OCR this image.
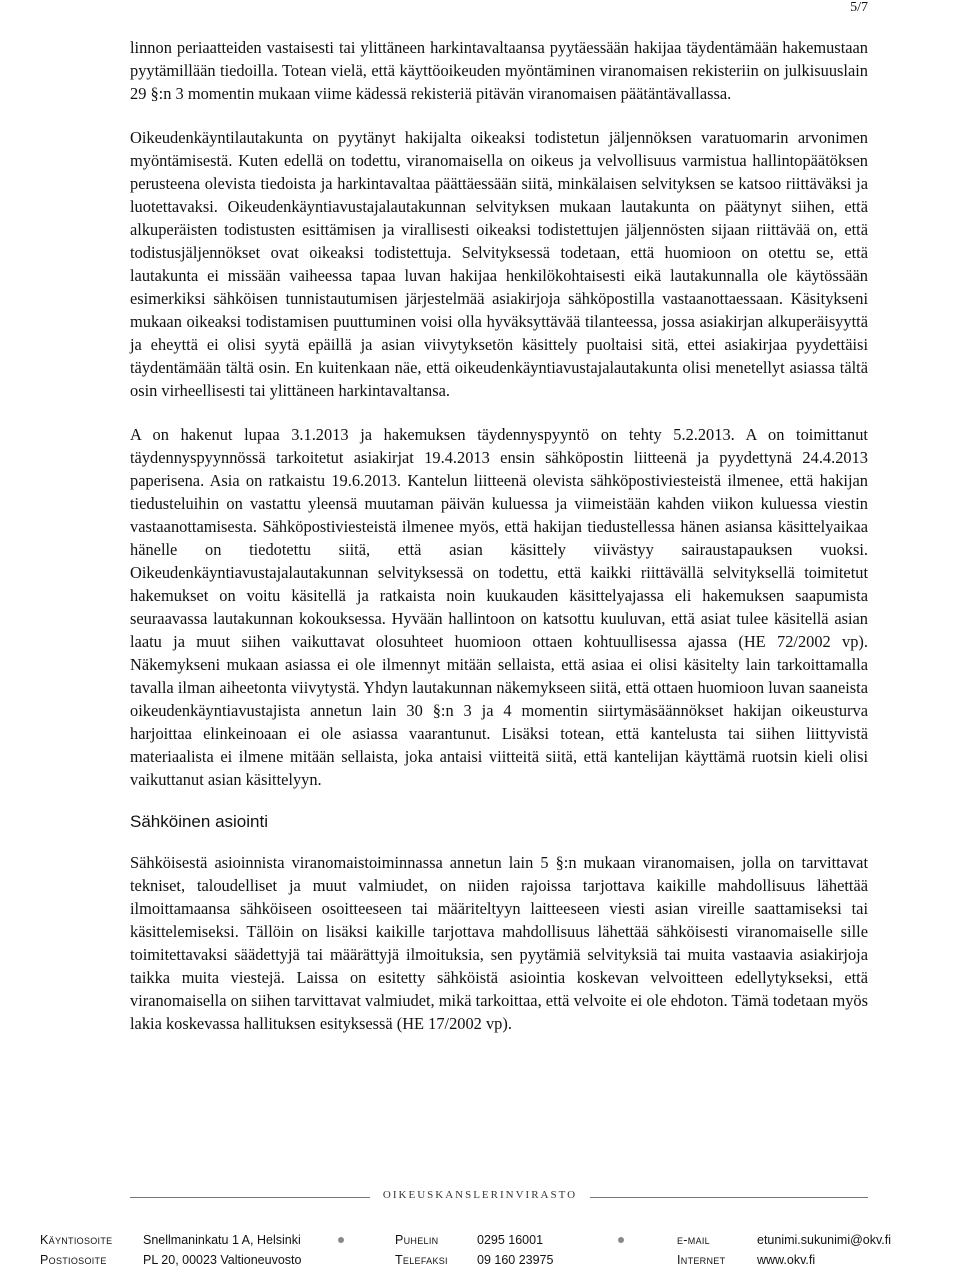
5/7

linnon periaatteiden vastaisesti tai ylittäneen harkintavaltaansa pyytäessään hakijaa täydentämään hakemustaan pyytämillään tiedoilla. Totean vielä, että käyttöoikeuden myöntäminen viranomaisen rekisteriin on julkisuuslain 29 §:n 3 momentin mukaan viime kädessä rekisteriä pitävän viranomaisen päätäntävallassa.

Oikeudenkäyntilautakunta on pyytänyt hakijalta oikeaksi todistetun jäljennöksen varatuomarin arvonimen myöntämisestä. Kuten edellä on todettu, viranomaisella on oikeus ja velvollisuus varmistua hallintopäätöksen perusteena olevista tiedoista ja harkintavaltaa päättäessään siitä, minkälaisen selvityksen se katsoo riittäväksi ja luotettavaksi. Oikeudenkäyntiavustajalautakunnan selvityksen mukaan lautakunta on päätynyt siihen, että alkuperäisten todistusten esittämisen ja virallisesti oikeaksi todistettujen jäljennösten sijaan riittävää on, että todistusjäljennökset ovat oikeaksi todistettuja. Selvityksessä todetaan, että huomioon on otettu se, että lautakunta ei missään vaiheessa tapaa luvan hakijaa henkilökohtaisesti eikä lautakunnalla ole käytössään esimerkiksi sähköisen tunnistautumisen järjestelmää asiakirjoja sähköpostilla vastaanottaessaan. Käsitykseni mukaan oikeaksi todistamisen puuttuminen voisi olla hyväksyttävää tilanteessa, jossa asiakirjan alkuperäisyyttä ja eheyttä ei olisi syytä epäillä ja asian viivytyksetön käsittely puoltaisi sitä, ettei asiakirjaa pyydettäisi täydentämään tältä osin. En kuitenkaan näe, että oikeudenkäyntiavustajalautakunta olisi menetellyt asiassa tältä osin virheellisesti tai ylittäneen harkintavaltansa.

A on hakenut lupaa 3.1.2013 ja hakemuksen täydennyspyyntö on tehty 5.2.2013. A on toimittanut täydennyspyynnössä tarkoitetut asiakirjat 19.4.2013 ensin sähköpostin liitteenä ja pyydettynä 24.4.2013 paperisena. Asia on ratkaistu 19.6.2013. Kantelun liitteenä olevista sähköpostiviesteistä ilmenee, että hakijan tiedusteluihin on vastattu yleensä muutaman päivän kuluessa ja viimeistään kahden viikon kuluessa viestin vastaanottamisesta. Sähköpostiviesteistä ilmenee myös, että hakijan tiedustellessa hänen asiansa käsittelyaikaa hänelle on tiedotettu siitä, että asian käsittely viivästyy sairaustapauksen vuoksi. Oikeudenkäyntiavustajalautakunnan selvityksessä on todettu, että kaikki riittävällä selvityksellä toimitetut hakemukset on voitu käsitellä ja ratkaista noin kuukauden käsittelyajassa eli hakemuksen saapumista seuraavassa lautakunnan kokouksessa. Hyvään hallintoon on katsottu kuuluvan, että asiat tulee käsitellä asian laatu ja muut siihen vaikuttavat olosuhteet huomioon ottaen kohtuullisessa ajassa (HE 72/2002 vp). Näkemykseni mukaan asiassa ei ole ilmennyt mitään sellaista, että asiaa ei olisi käsitelty lain tarkoittamalla tavalla ilman aiheetonta viivytystä. Yhdyn lautakunnan näkemykseen siitä, että ottaen huomioon luvan saaneista oikeudenkäyntiavustajista annetun lain 30 §:n 3 ja 4 momentin siirtymäsäännökset hakijan oikeusturva harjoittaa elinkeinoaan ei ole asiassa vaarantunut. Lisäksi totean, että kantelusta tai siihen liittyvistä materiaalista ei ilmene mitään sellaista, joka antaisi viitteitä siitä, että kantelijan käyttämä ruotsin kieli olisi vaikuttanut asian käsittelyyn.

Sähköinen asiointi

Sähköisestä asioinnista viranomaistoiminnassa annetun lain 5 §:n mukaan viranomaisen, jolla on tarvittavat tekniset, taloudelliset ja muut valmiudet, on niiden rajoissa tarjottava kaikille mahdollisuus lähettää ilmoittamaansa sähköiseen osoitteeseen tai määriteltyyn laitteeseen viesti asian vireille saattamiseksi tai käsittelemiseksi. Tällöin on lisäksi kaikille tarjottava mahdollisuus lähettää sähköisesti viranomaiselle sille toimitettavaksi säädettyjä tai määrättyjä ilmoituksia, sen pyytämiä selvityksiä tai muita vastaavia asiakirjoja taikka muita viestejä. Laissa on esitetty sähköistä asiointia koskevan velvoitteen edellytykseksi, että viranomaisella on siihen tarvittavat valmiudet, mikä tarkoittaa, että velvoite ei ole ehdoton. Tämä todetaan myös lakia koskevassa hallituksen esityksessä (HE 17/2002 vp).

OIKEUSKANSLERINVIRASTO
Käyntiosoite Snellmaninkatu 1 A, Helsinki	Puhelin	0295 16001	e-mail	etunimi.sukunimi@okv.fi
Postiosoite	PL 20, 00023 Valtioneuvosto	Telefaksi 09 160 23975	Internet	www.okv.fi
